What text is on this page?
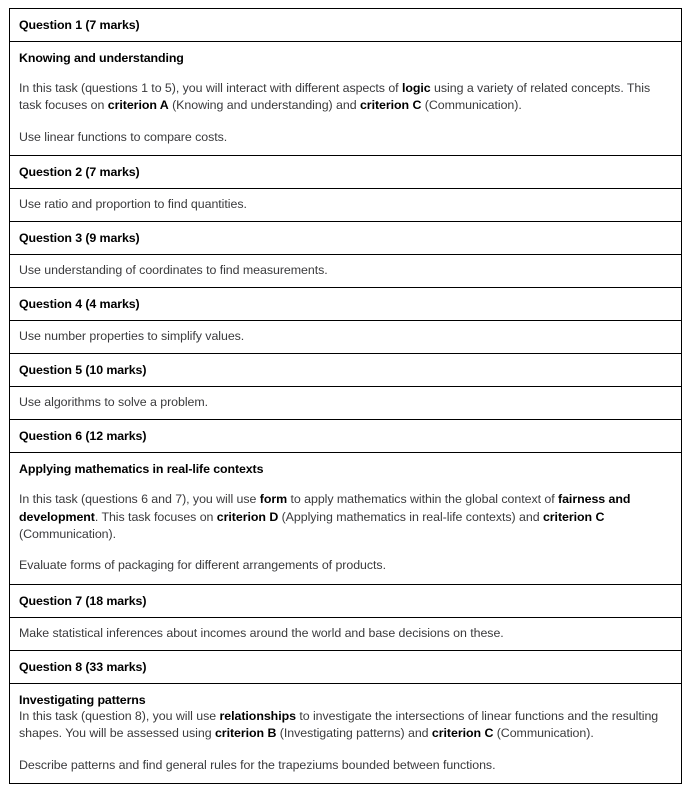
Question 1 (7 marks)

Knowing and understanding

In this task (questions 1 to 5), you will interact with different aspects of logic using a variety of related concepts. This task focuses on criterion A (Knowing and understanding) and criterion C (Communication).

Use linear functions to compare costs.

Question 2 (7 marks)
Use ratio and proportion to find quantities.
Question 3 (9 marks)
Use understanding of coordinates to find measurements.
Question 4 (4 marks)
Use number properties to simplify values.
Question 5 (10 marks)
Use algorithms to solve a problem.
Question 6 (12 marks)

Applying mathematics in real-life contexts

In this task (questions 6 and 7), you will use form to apply mathematics within the global context of fairness and development. This task focuses on criterion D (Applying mathematics in real-life contexts) and criterion C (Communication).

Evaluate forms of packaging for different arrangements of products.

Question 7 (18 marks)
Make statistical inferences about incomes around the world and base decisions on these.
Question 8 (33 marks)

Investigating patterns

In this task (question 8), you will use relationships to investigate the intersections of linear functions and the resulting shapes. You will be assessed using criterion B (Investigating patterns) and criterion C (Communication).

Describe patterns and find general rules for the trapeziums bounded between functions.
